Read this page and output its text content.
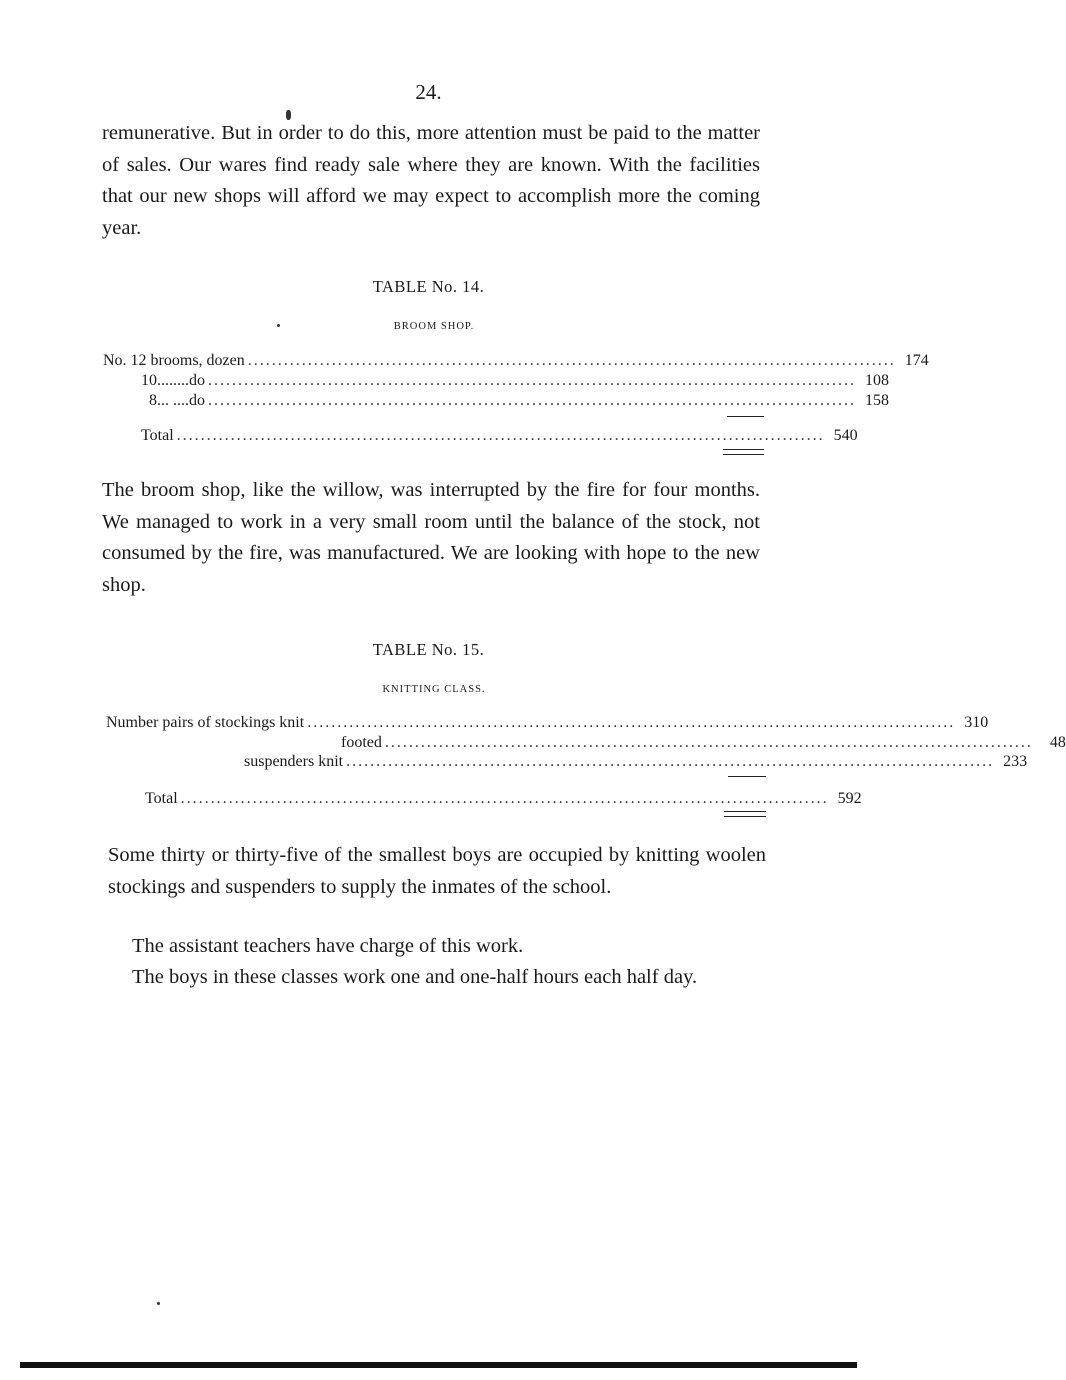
24.

remunerative. But in order to do this, more attention must be paid to the matter of sales. Our wares find ready sale where they are known. With the facilities that our new shops will afford we may expect to accomplish more the coming year.

TABLE No. 14.
BROOM SHOP.
No. 12 brooms, dozen ............................................................................................................ 174
10........do ............................................................................................................ 108
8... ....do ............................................................................................................ 158
Total ............................................................................................................ 540

The broom shop, like the willow, was interrupted by the fire for four months. We managed to work in a very small room until the balance of the stock, not consumed by the fire, was manufactured. We are looking with hope to the new shop.

TABLE No. 15.
KNITTING CLASS.
Number pairs of stockings knit ............................................................................................................ 310
footed ............................................................................................................	48
suspenders knit ............................................................................................................ 233
Total ............................................................................................................ 592

Some thirty or thirty-five of the smallest boys are occupied by knitting woolen stockings and suspenders to supply the inmates of the school.

The assistant teachers have charge of this work.

The boys in these classes work one and one-half hours each half day.
